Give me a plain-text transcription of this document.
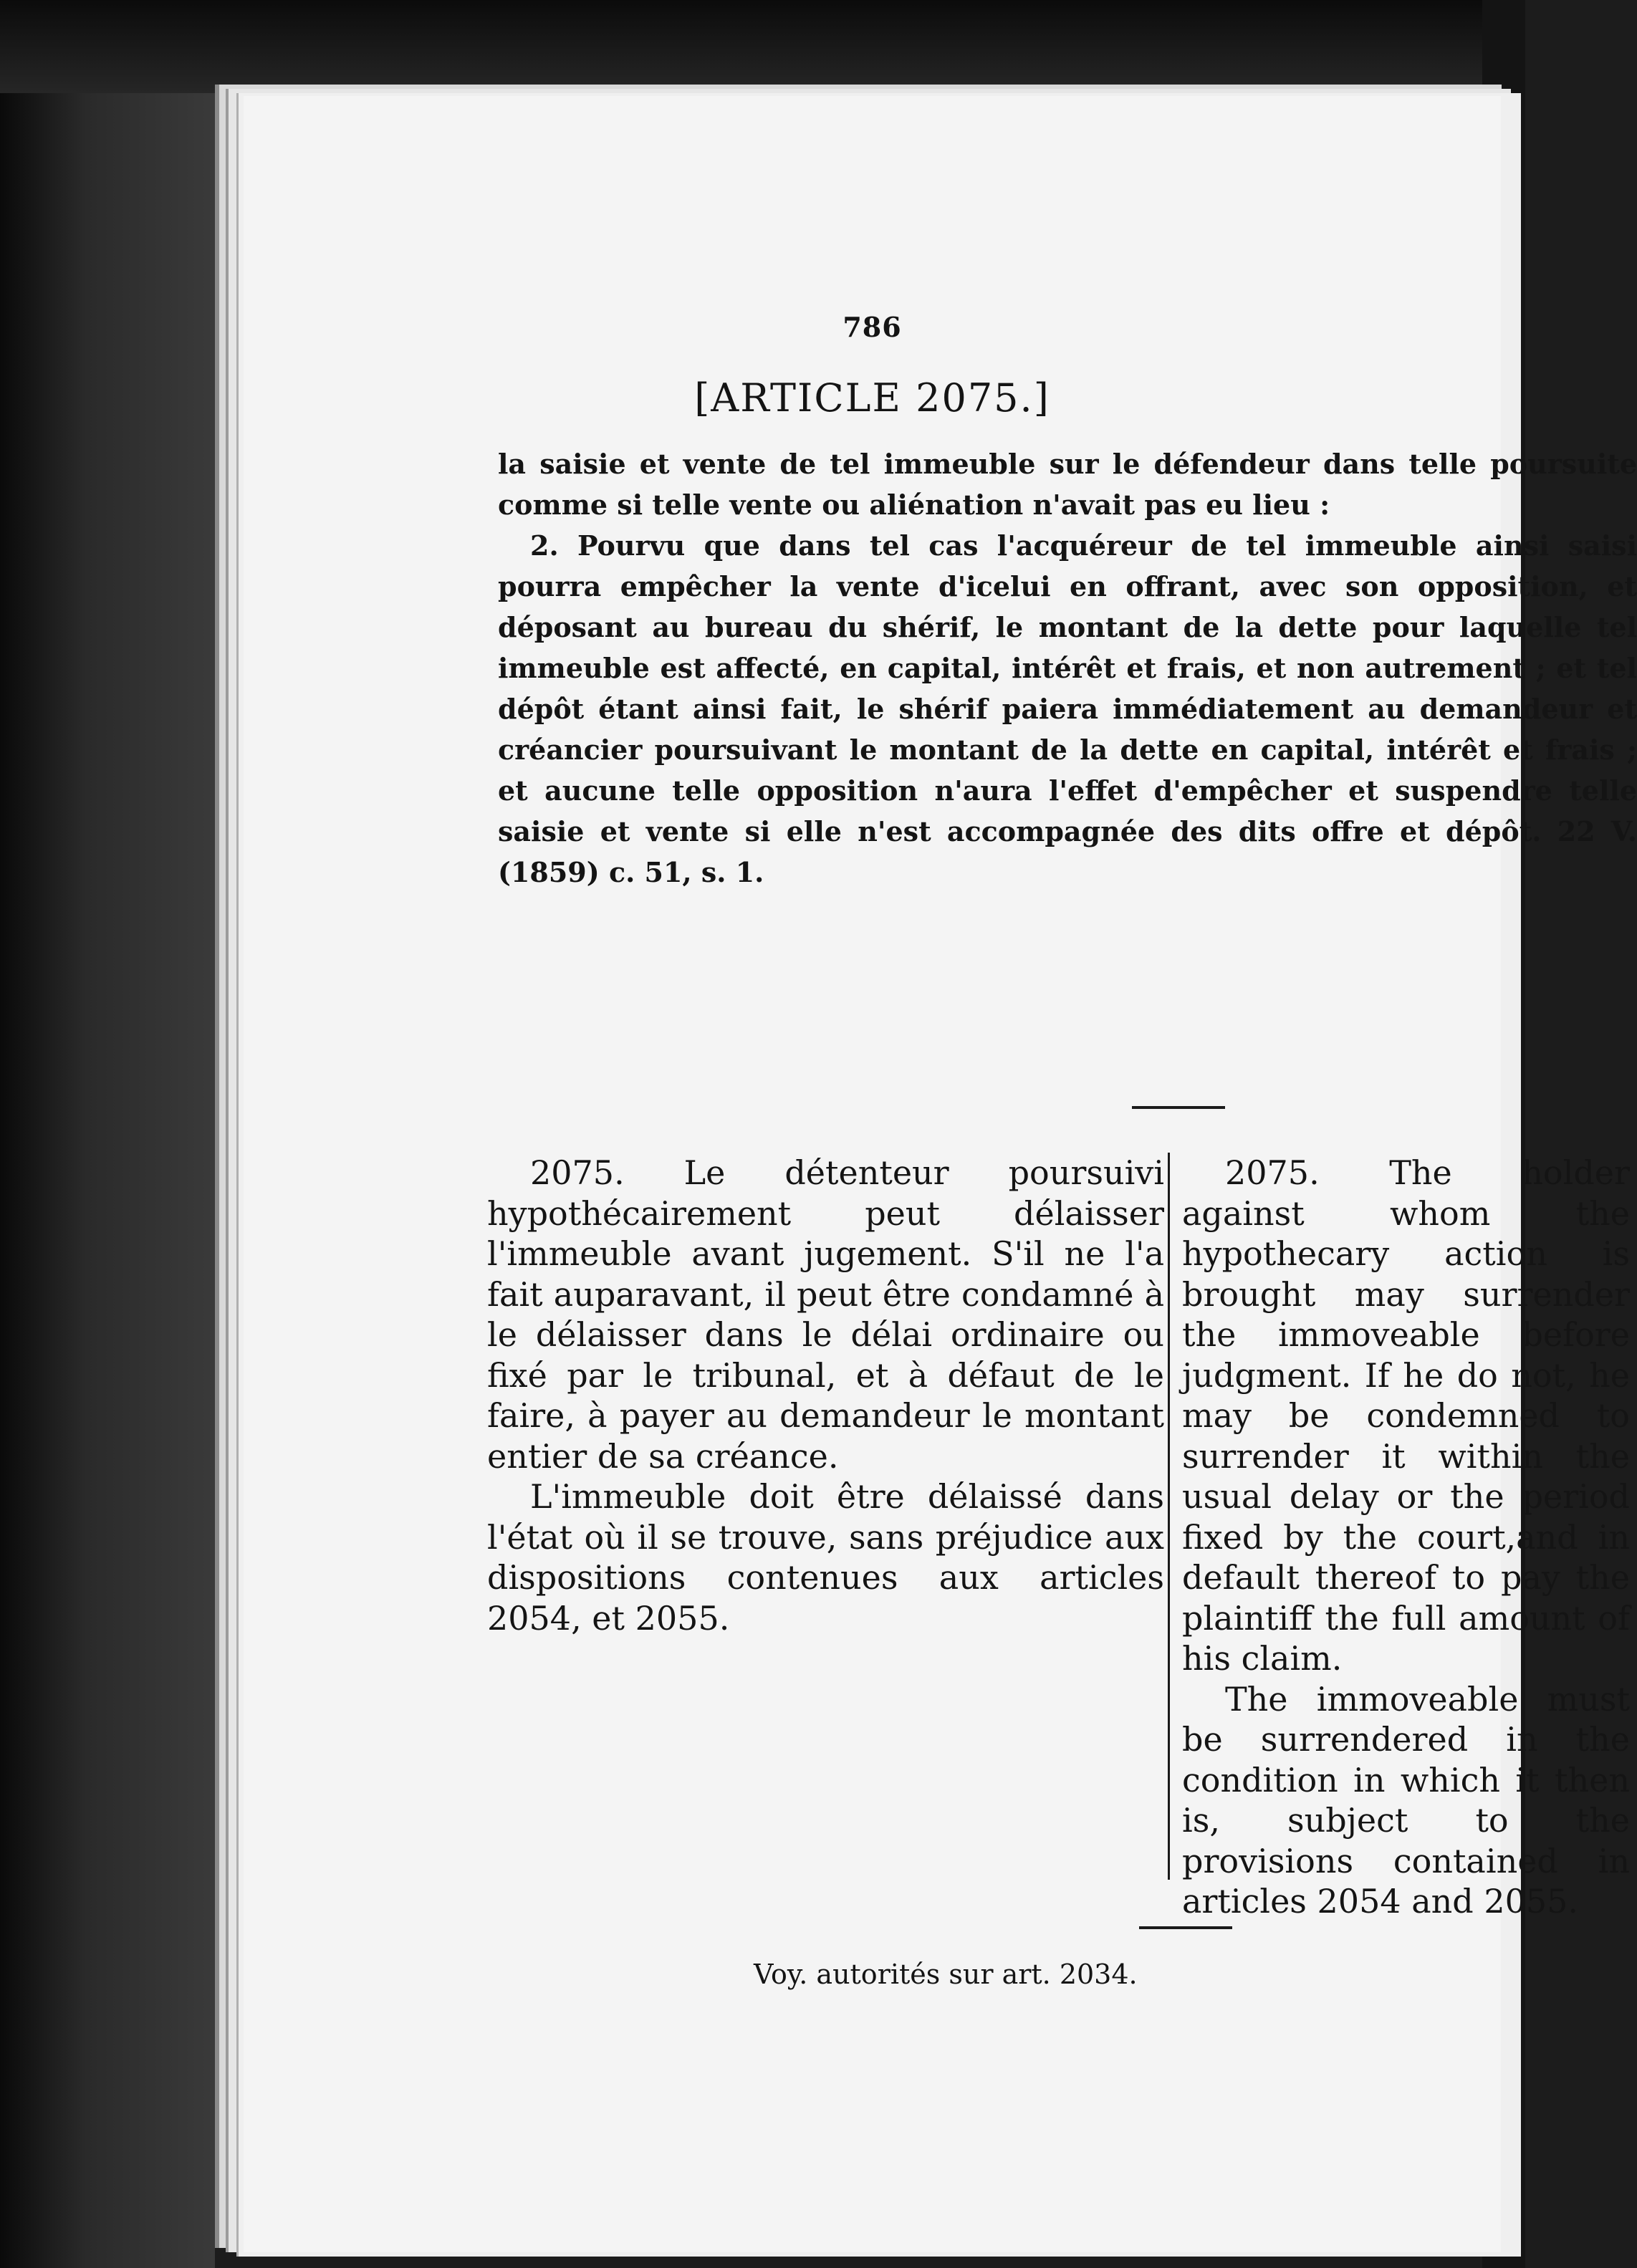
786
[ARTICLE 2075.]

la saisie et vente de tel immeuble sur le défendeur dans telle poursuite comme si telle vente ou aliénation n'avait pas eu lieu :

2. Pourvu que dans tel cas l'acquéreur de tel immeuble ainsi saisi pourra empêcher la vente d'icelui en offrant, avec son opposition, et déposant au bureau du shérif, le montant de la dette pour laquelle tel immeuble est affecté, en capital, intérêt et frais, et non autrement ; et tel dépôt étant ainsi fait, le shérif paiera immédiatement au demandeur et créancier poursuivant le montant de la dette en capital, intérêt et frais ; et aucune telle opposition n'aura l'effet d'empêcher et suspendre telle saisie et vente si elle n'est accompagnée des dits offre et dépôt. 22 V. (1859) c. 51, s. 1.

2075. Le détenteur poursuivi hypothécairement peut délaisser l'immeuble avant jugement. S'il ne l'a fait auparavant, il peut être condamné à le délaisser dans le délai ordinaire ou fixé par le tribunal, et à défaut de le faire, à payer au demandeur le montant entier de sa créance.

L'immeuble doit être délaissé dans l'état où il se trouve, sans préjudice aux dispositions contenues aux articles 2054, et 2055.

2075. The holder against whom the hypothecary action is brought may surrender the immoveable before judgment. If he do not, he may be condemned to surrender it within the usual delay or the period fixed by the court,and in default thereof to pay the plaintiff the full amount of his claim.

The immoveable must be surrendered in the condition in which it then is, subject to the provisions contained in articles 2054 and 2055.

Voy. autorités sur art. 2034.
